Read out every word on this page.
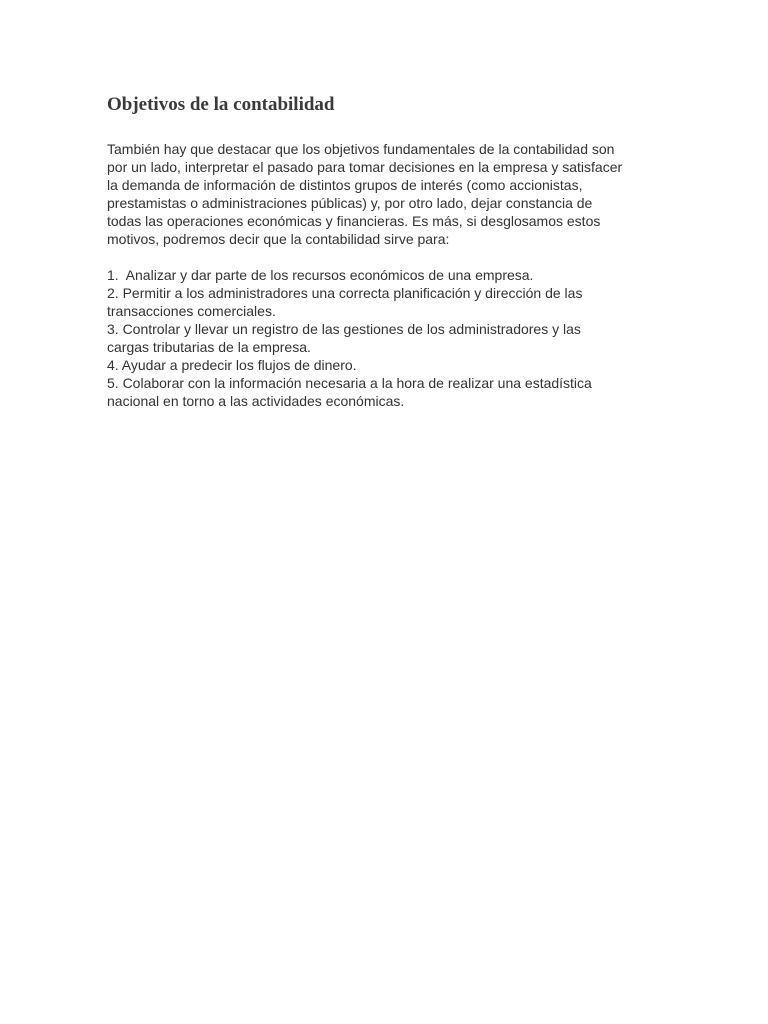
Objetivos de la contabilidad

También hay que destacar que los objetivos fundamentales de la contabilidad son
por un lado, interpretar el pasado para tomar decisiones en la empresa y satisfacer
la demanda de información de distintos grupos de interés (como accionistas,
prestamistas o administraciones públicas) y, por otro lado, dejar constancia de
todas las operaciones económicas y financieras. Es más, si desglosamos estos
motivos, podremos decir que la contabilidad sirve para:

1.  Analizar y dar parte de los recursos económicos de una empresa.
2. Permitir a los administradores una correcta planificación y dirección de las
transacciones comerciales.
3. Controlar y llevar un registro de las gestiones de los administradores y las
cargas tributarias de la empresa.
4. Ayudar a predecir los flujos de dinero.
5. Colaborar con la información necesaria a la hora de realizar una estadística
nacional en torno a las actividades económicas.
